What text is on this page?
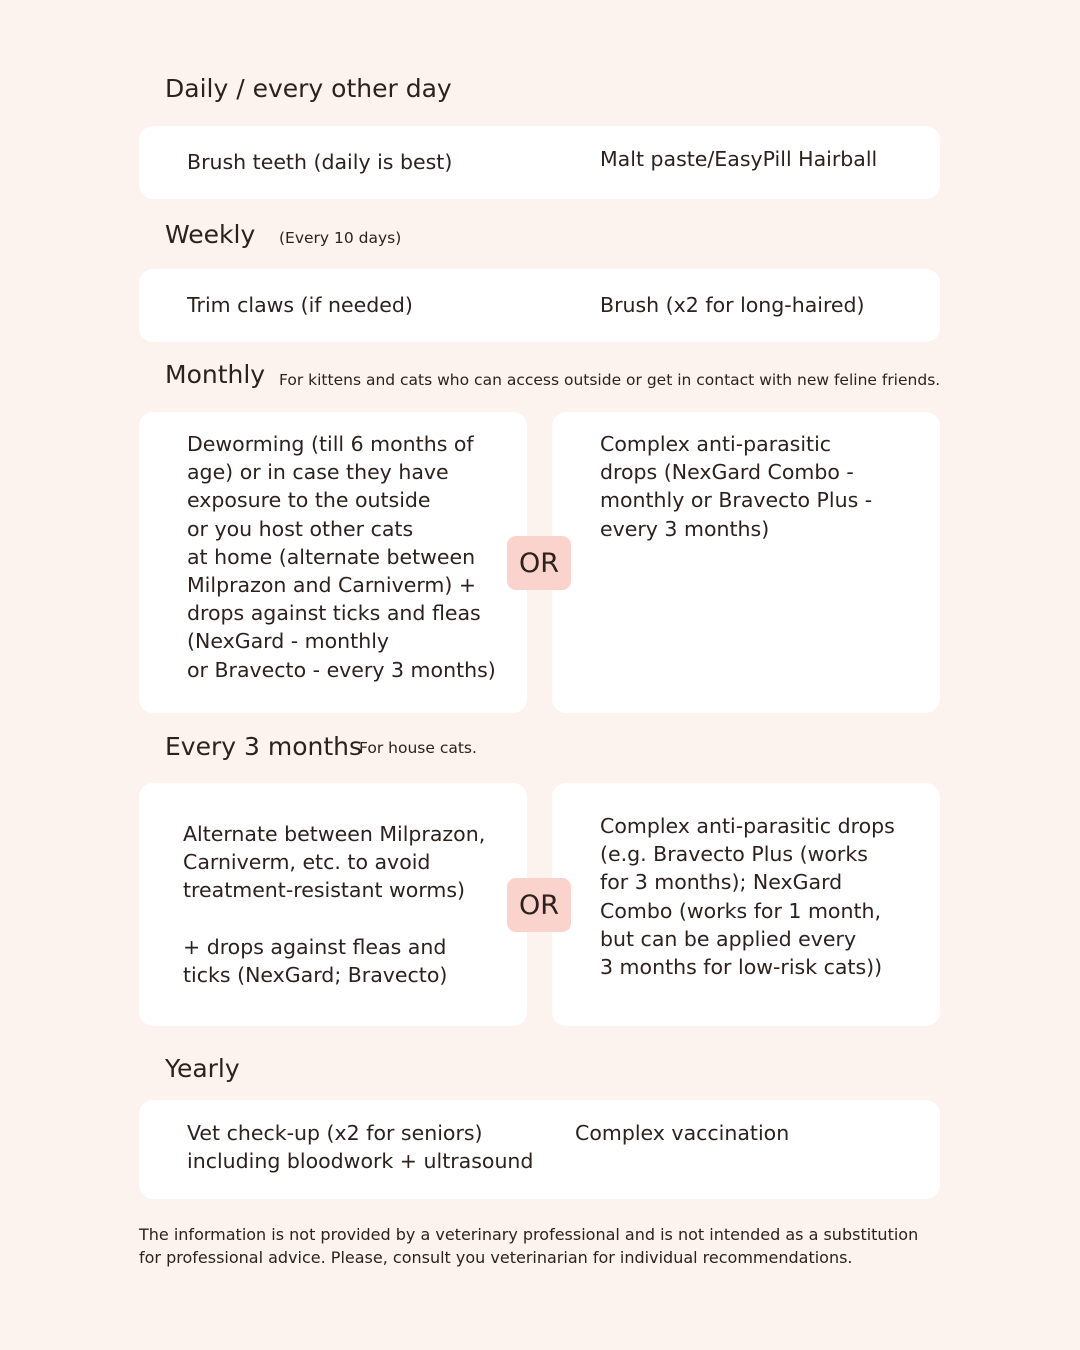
Daily / every other day
Brush teeth (daily is best)	Malt paste/EasyPill Hairball
Weekly (Every 10 days)
Trim claws (if needed)	Brush (x2 for long-haired)
Monthly For kittens and cats who can access outside or get in contact with new feline friends.
Deworming (till 6 months of
age) or in case they have
exposure to the outside
or you host other cats
at home (alternate between
Milprazon and Carniverm) +
drops against ticks and fleas
(NexGard - monthly
or Bravecto - every 3 months)
Complex anti-parasitic
drops (NexGard Combo -
monthly or Bravecto Plus -
every 3 months)
OR
Every 3 months
For house cats.
Alternate between Milprazon,
Carniverm, etc. to avoid
treatment-resistant worms)

+ drops against fleas and
ticks (NexGard; Bravecto)
Complex anti-parasitic drops
(e.g. Bravecto Plus (works
for 3 months); NexGard
Combo (works for 1 month,
but can be applied every
3 months for low-risk cats))
OR
Yearly
Vet check-up (x2 for seniors)
including bloodwork + ultrasound
Complex vaccination
The information is not provided by a veterinary professional and is not intended as a substitution for professional advice. Please, consult you veterinarian for individual recommendations.
